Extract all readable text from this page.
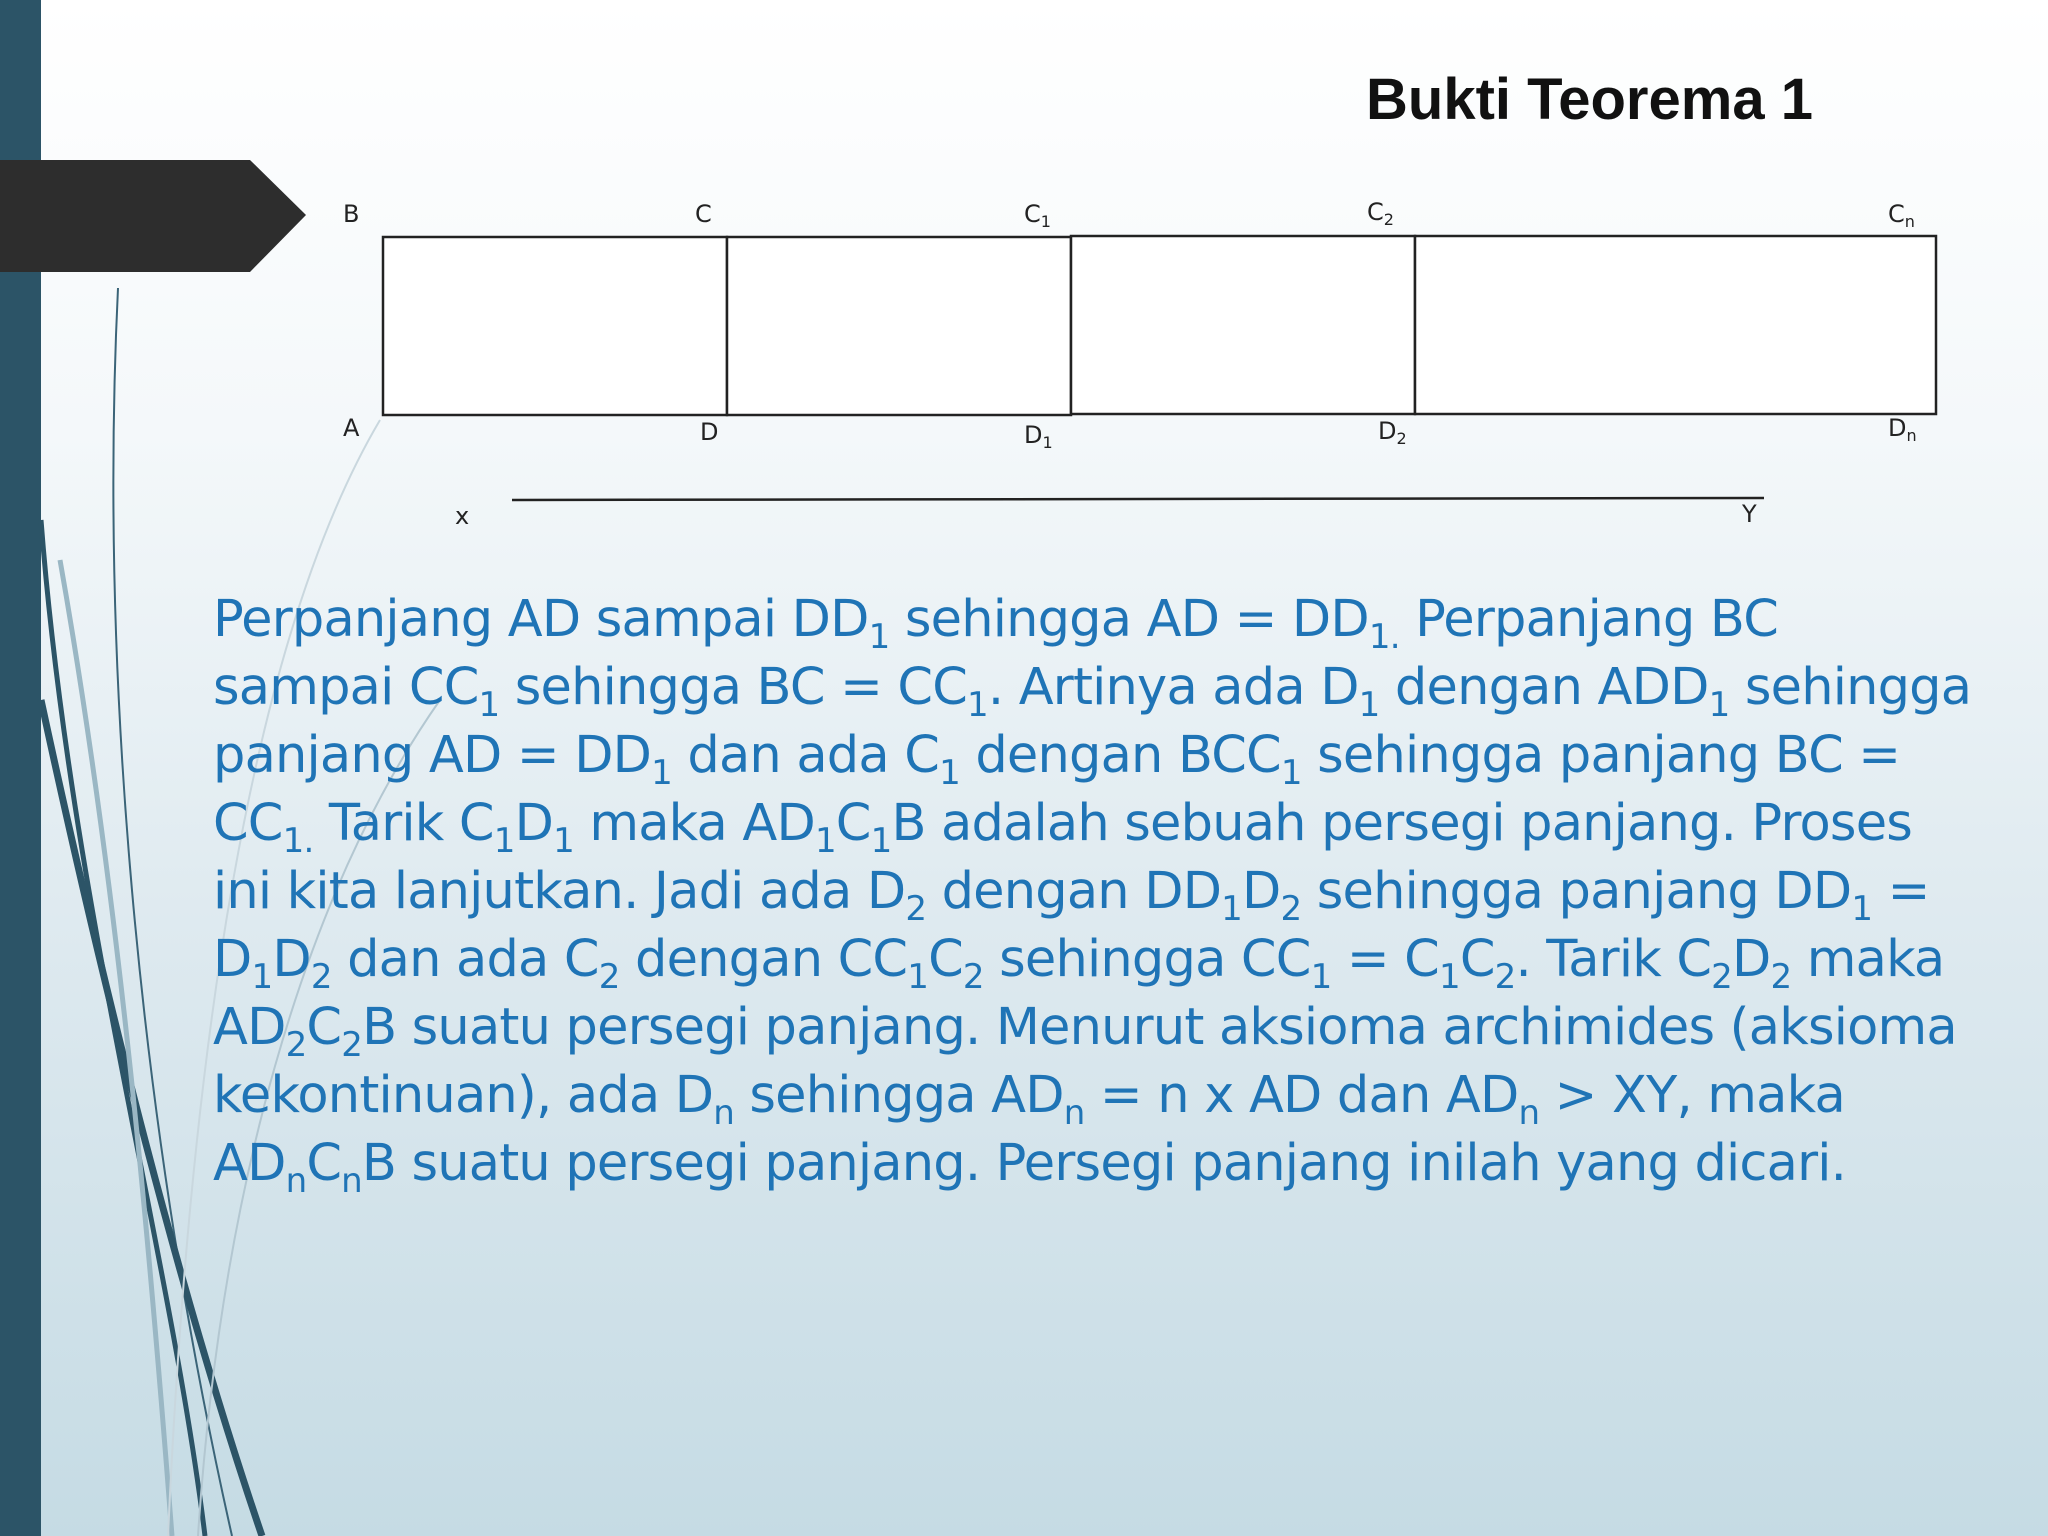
Bukti Teorema 1
B	C	$C_1$	$C_2$	$C_n$
A	D	$D_1$	$D_2$	$D_n$
x	Y
Perpanjang AD sampai $DD_1$ sehingga AD = $DD_{1.}$ Perpanjang BC
sampai $CC_1$ sehingga BC = $CC_1$. Artinya ada $D_1$ dengan $ADD_1$ sehingga
panjang AD = $DD_1$ dan ada $C_1$ dengan $BCC_1$ sehingga panjang BC =
$CC_{1.}$ Tarik $C_1D_1$ maka $AD_1C_1B$ adalah sebuah persegi panjang. Proses
ini kita lanjutkan. Jadi ada $D_2$ dengan $DD_1D_2$ sehingga panjang $DD_1$ =
$D_1D_2$ dan ada $C_2$ dengan $CC_1C_2$ sehingga $CC_1 = C_1C_2$. Tarik $C_2D_2$ maka
$AD_2C_2B$ suatu persegi panjang. Menurut aksioma archimides (aksioma
kekontinuan), ada $D_n$ sehingga $AD_n = n$ x AD dan $AD_n$ > XY, maka
$AD_nC_nB$ suatu persegi panjang. Persegi panjang inilah yang dicari.
